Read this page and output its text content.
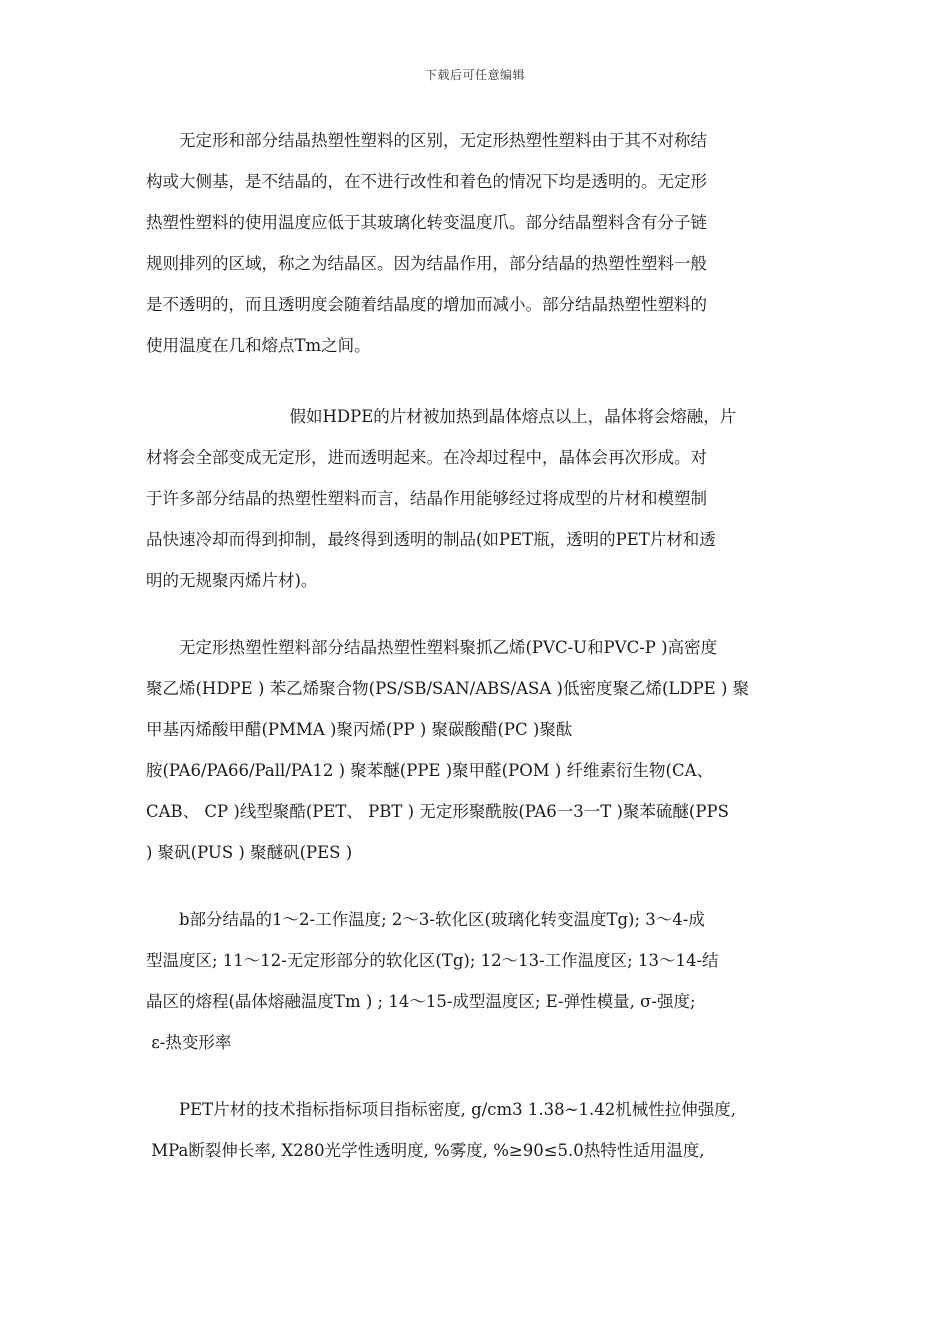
下载后可任意编辑

无定形和部分结晶热塑性塑料的区别，无定形热塑性塑料由于其不对称结
构或大侧基，是不结晶的，在不进行改性和着色的情况下均是透明的。无定形
热塑性塑料的使用温度应低于其玻璃化转变温度爪。部分结晶塑料含有分子链
规则排列的区域，称之为结晶区。因为结晶作用，部分结晶的热塑性塑料一般
是不透明的，而且透明度会随着结晶度的增加而减小。部分结晶热塑性塑料的
使用温度在几和熔点Tm之间。

假如HDPE的片材被加热到晶体熔点以上，晶体将会熔融，片
材将会全部变成无定形，进而透明起来。在冷却过程中，晶体会再次形成。对
于许多部分结晶的热塑性塑料而言，结晶作用能够经过将成型的片材和模塑制
品快速冷却而得到抑制，最终得到透明的制品(如PET瓶，透明的PET片材和透
明的无规聚丙烯片材)。

无定形热塑性塑料部分结晶热塑性塑料聚抓乙烯(PVC-U和PVC-P )高密度
聚乙烯(HDPE ) 苯乙烯聚合物(PS/SB/SAN/ABS/ASA )低密度聚乙烯(LDPE ) 聚
甲基丙烯酸甲醋(PMMA )聚丙烯(PP ) 聚碳酸醋(PC )聚酞
胺(PA6/PA66/Pall/PA12 ) 聚苯醚(PPE )聚甲醛(POM ) 纤维素衍生物(CA、
CAB、 CP )线型聚酷(PET、 PBT ) 无定形聚酰胺(PA6一3一T )聚苯硫醚(PPS
) 聚矾(PUS ) 聚醚矾(PES )

b部分结晶的1～2-工作温度; 2～3-软化区(玻璃化转变温度Tg); 3～4-成
型温度区; 11～12-无定形部分的软化区(Tg); 12～13-工作温度区; 13～14-结
晶区的熔程(晶体熔融温度Tm ) ; 14～15-成型温度区; E-弹性模量, σ-强度;
ε-热变形率

PET片材的技术指标指标项目指标密度, g/cm3 1.38~1.42机械性拉伸强度,
MPa断裂伸长率, X280光学性透明度, %雾度, %≥90≤5.0热特性适用温度,
